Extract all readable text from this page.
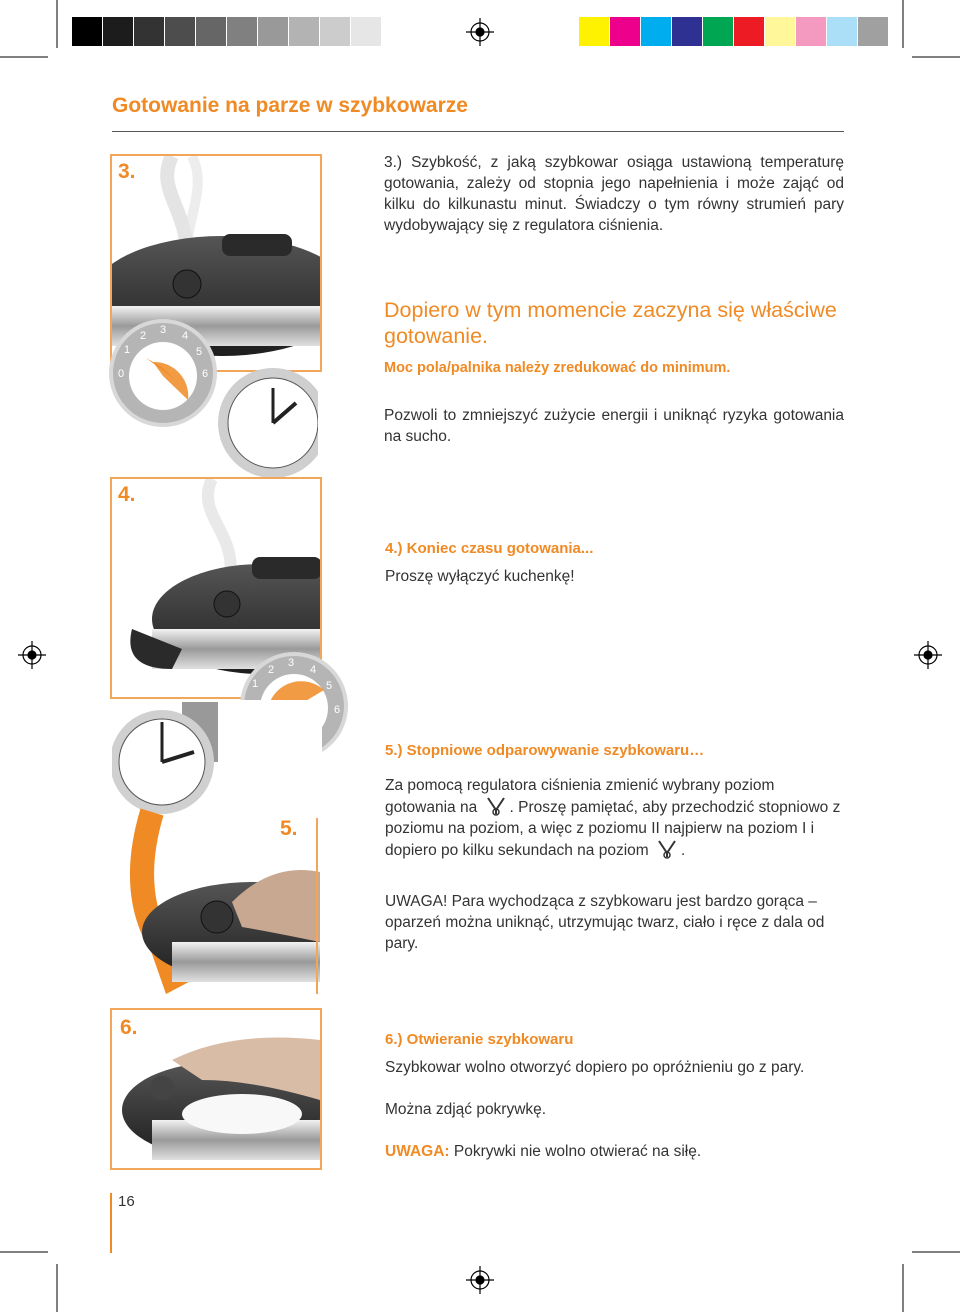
Gotowanie na parze w szybkowarze
3.
0
1
2 3 4
5
6
3.) Szybkość, z jaką szybkowar osiąga ustawioną temperaturę gotowania, zależy od stopnia jego napełnienia i może zająć od kilku do kilkunastu minut. Świadczy o tym równy strumień pary wydobywający się z regulatora ciśnienia.
Dopiero w tym momencie zaczyna się właściwe gotowanie.
Moc pola/palnika należy zredukować do minimum.
Pozwoli to zmniejszyć zużycie energii i uniknąć ryzyka gotowania na sucho.
4.
1
2
3
4
5
6
4.) Koniec czasu gotowania...
Proszę wyłączyć kuchenkę!
5.
5.) Stopniowe odparowywanie szybkowaru…
Za pomocą regulatora ciśnienia zmienić wybrany poziom gotowania na . Proszę pamiętać, aby przechodzić stopniowo z poziomu na poziom, a więc z poziomu II najpierw na poziom I i dopiero po kilku sekundach na poziom .
UWAGA! Para wychodząca z szybkowaru jest bardzo gorąca – oparzeń można uniknąć, utrzymując twarz, ciało i ręce z dala od pary.
6.
6.) Otwieranie szybkowaru
Szybkowar wolno otworzyć dopiero po opróżnieniu go z pary.
Można zdjąć pokrywkę.
UWAGA: Pokrywki nie wolno otwierać na siłę.
16
